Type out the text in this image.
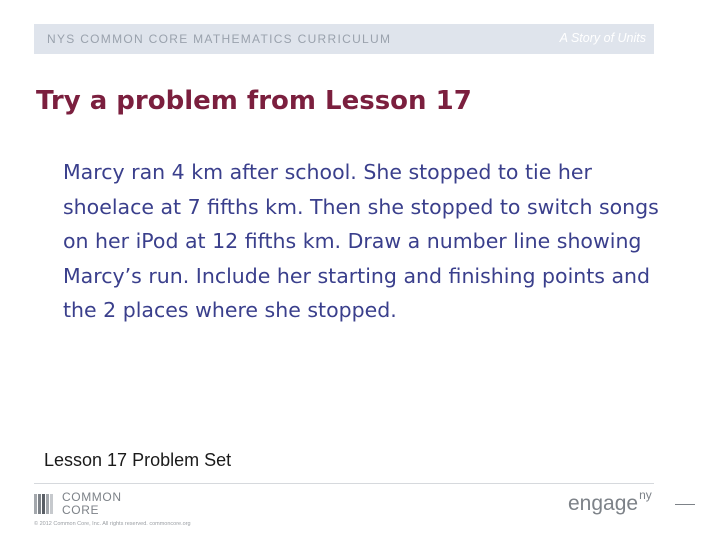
NYS COMMON CORE MATHEMATICS CURRICULUM	A Story of Units
Try a problem from Lesson 17

Marcy ran 4 km after school. She stopped to tie her shoelace at 7 fifths km. Then she stopped to switch songs on her iPod at 12 fifths km. Draw a number line showing Marcy’s run. Include her starting and finishing points and the 2 places where she stopped.

Lesson 17 Problem Set
COMMON
CORE
© 2012 Common Core, Inc. All rights reserved. commoncore.org
engage$^{ny}$
